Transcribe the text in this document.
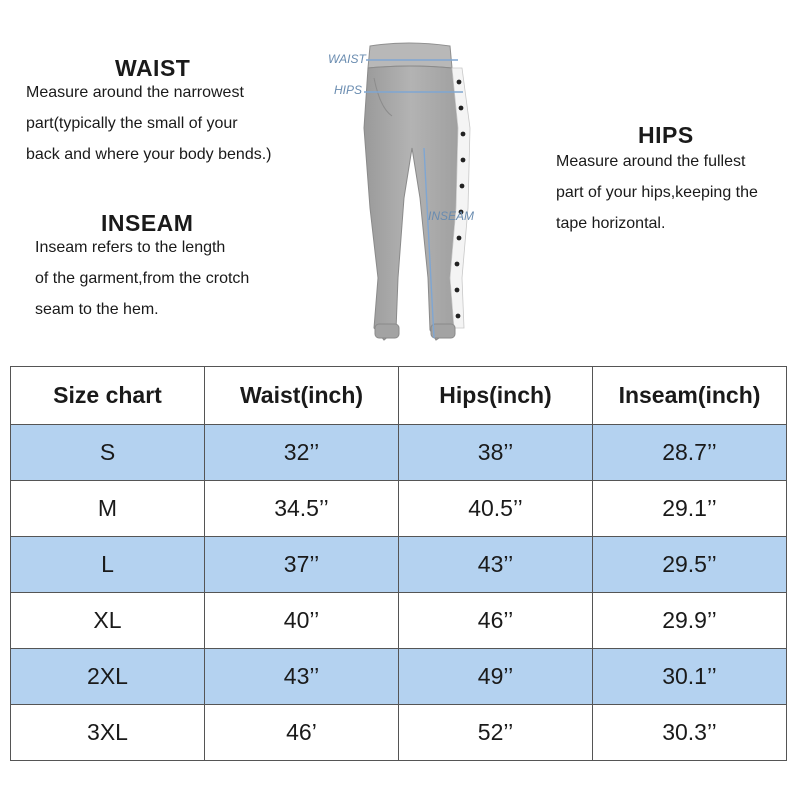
WAIST

Measure around the narrowest
part(typically the small of your
back and where your body bends.)

INSEAM

Inseam refers to the length
of the garment,from the crotch
seam to the hem.

HIPS

Measure around the fullest
part of your hips,keeping the
tape horizontal.

WAIST
HIPS
INSEAM
Size chart	Waist(inch)	Hips(inch)	Inseam(inch)
S	32’’	38’’	28.7’’
M	34.5’’	40.5’’	29.1’’
L	37’’	43’’	29.5’’
XL	40’’	46’’	29.9’’
2XL	43’’	49’’	30.1’’
3XL	46’	52’’	30.3’’
